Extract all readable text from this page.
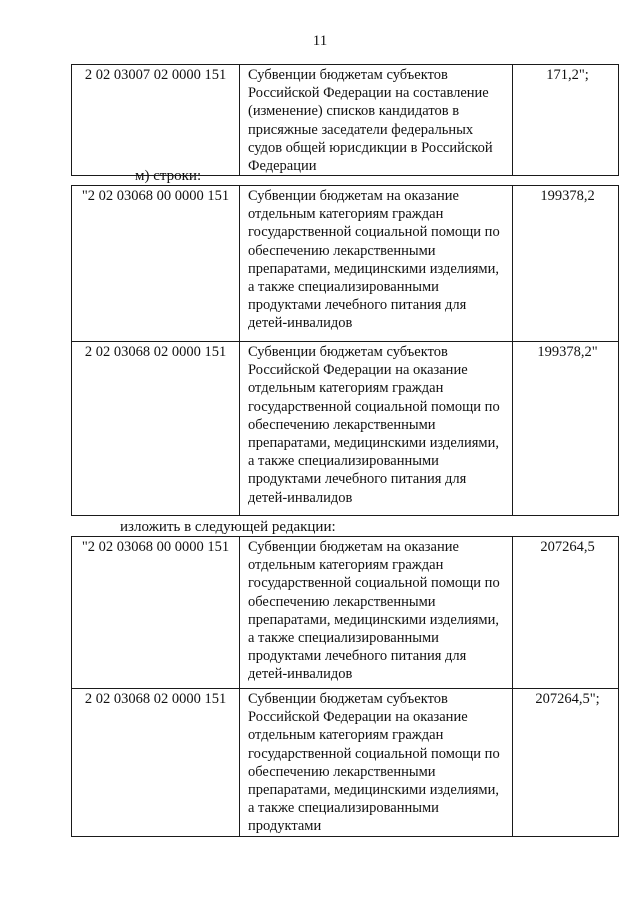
11
2 02 03007 02 0000 151	Субвенции бюджетам субъектов Российской Федерации на составление (изменение) списков кандидатов в присяжные заседатели федеральных судов общей юрисдикции в Российской Федерации	171,2";
м) строки:
"2 02 03068 00 0000 151	Субвенции бюджетам на оказание отдельным категориям граждан государственной социальной помощи по обеспечению лекарственными препаратами, медицинскими изделиями, а также специализированными продуктами лечебного питания для детей-инвалидов	199378,2
2 02 03068 02 0000 151	Субвенции бюджетам субъектов Российской Федерации на оказание отдельным категориям граждан государственной социальной помощи по обеспечению лекарственными препаратами, медицинскими изделиями, а также специализированными продуктами лечебного питания для детей-инвалидов	199378,2"
изложить в следующей редакции:
"2 02 03068 00 0000 151	Субвенции бюджетам на оказание отдельным категориям граждан государственной социальной помощи по обеспечению лекарственными препаратами, медицинскими изделиями, а также специализированными продуктами лечебного питания для детей-инвалидов	207264,5
2 02 03068 02 0000 151	Субвенции бюджетам субъектов Российской Федерации на оказание отдельным категориям граждан государственной социальной помощи по обеспечению лекарственными препаратами, медицинскими изделиями, а также специализированными продуктами	207264,5";
